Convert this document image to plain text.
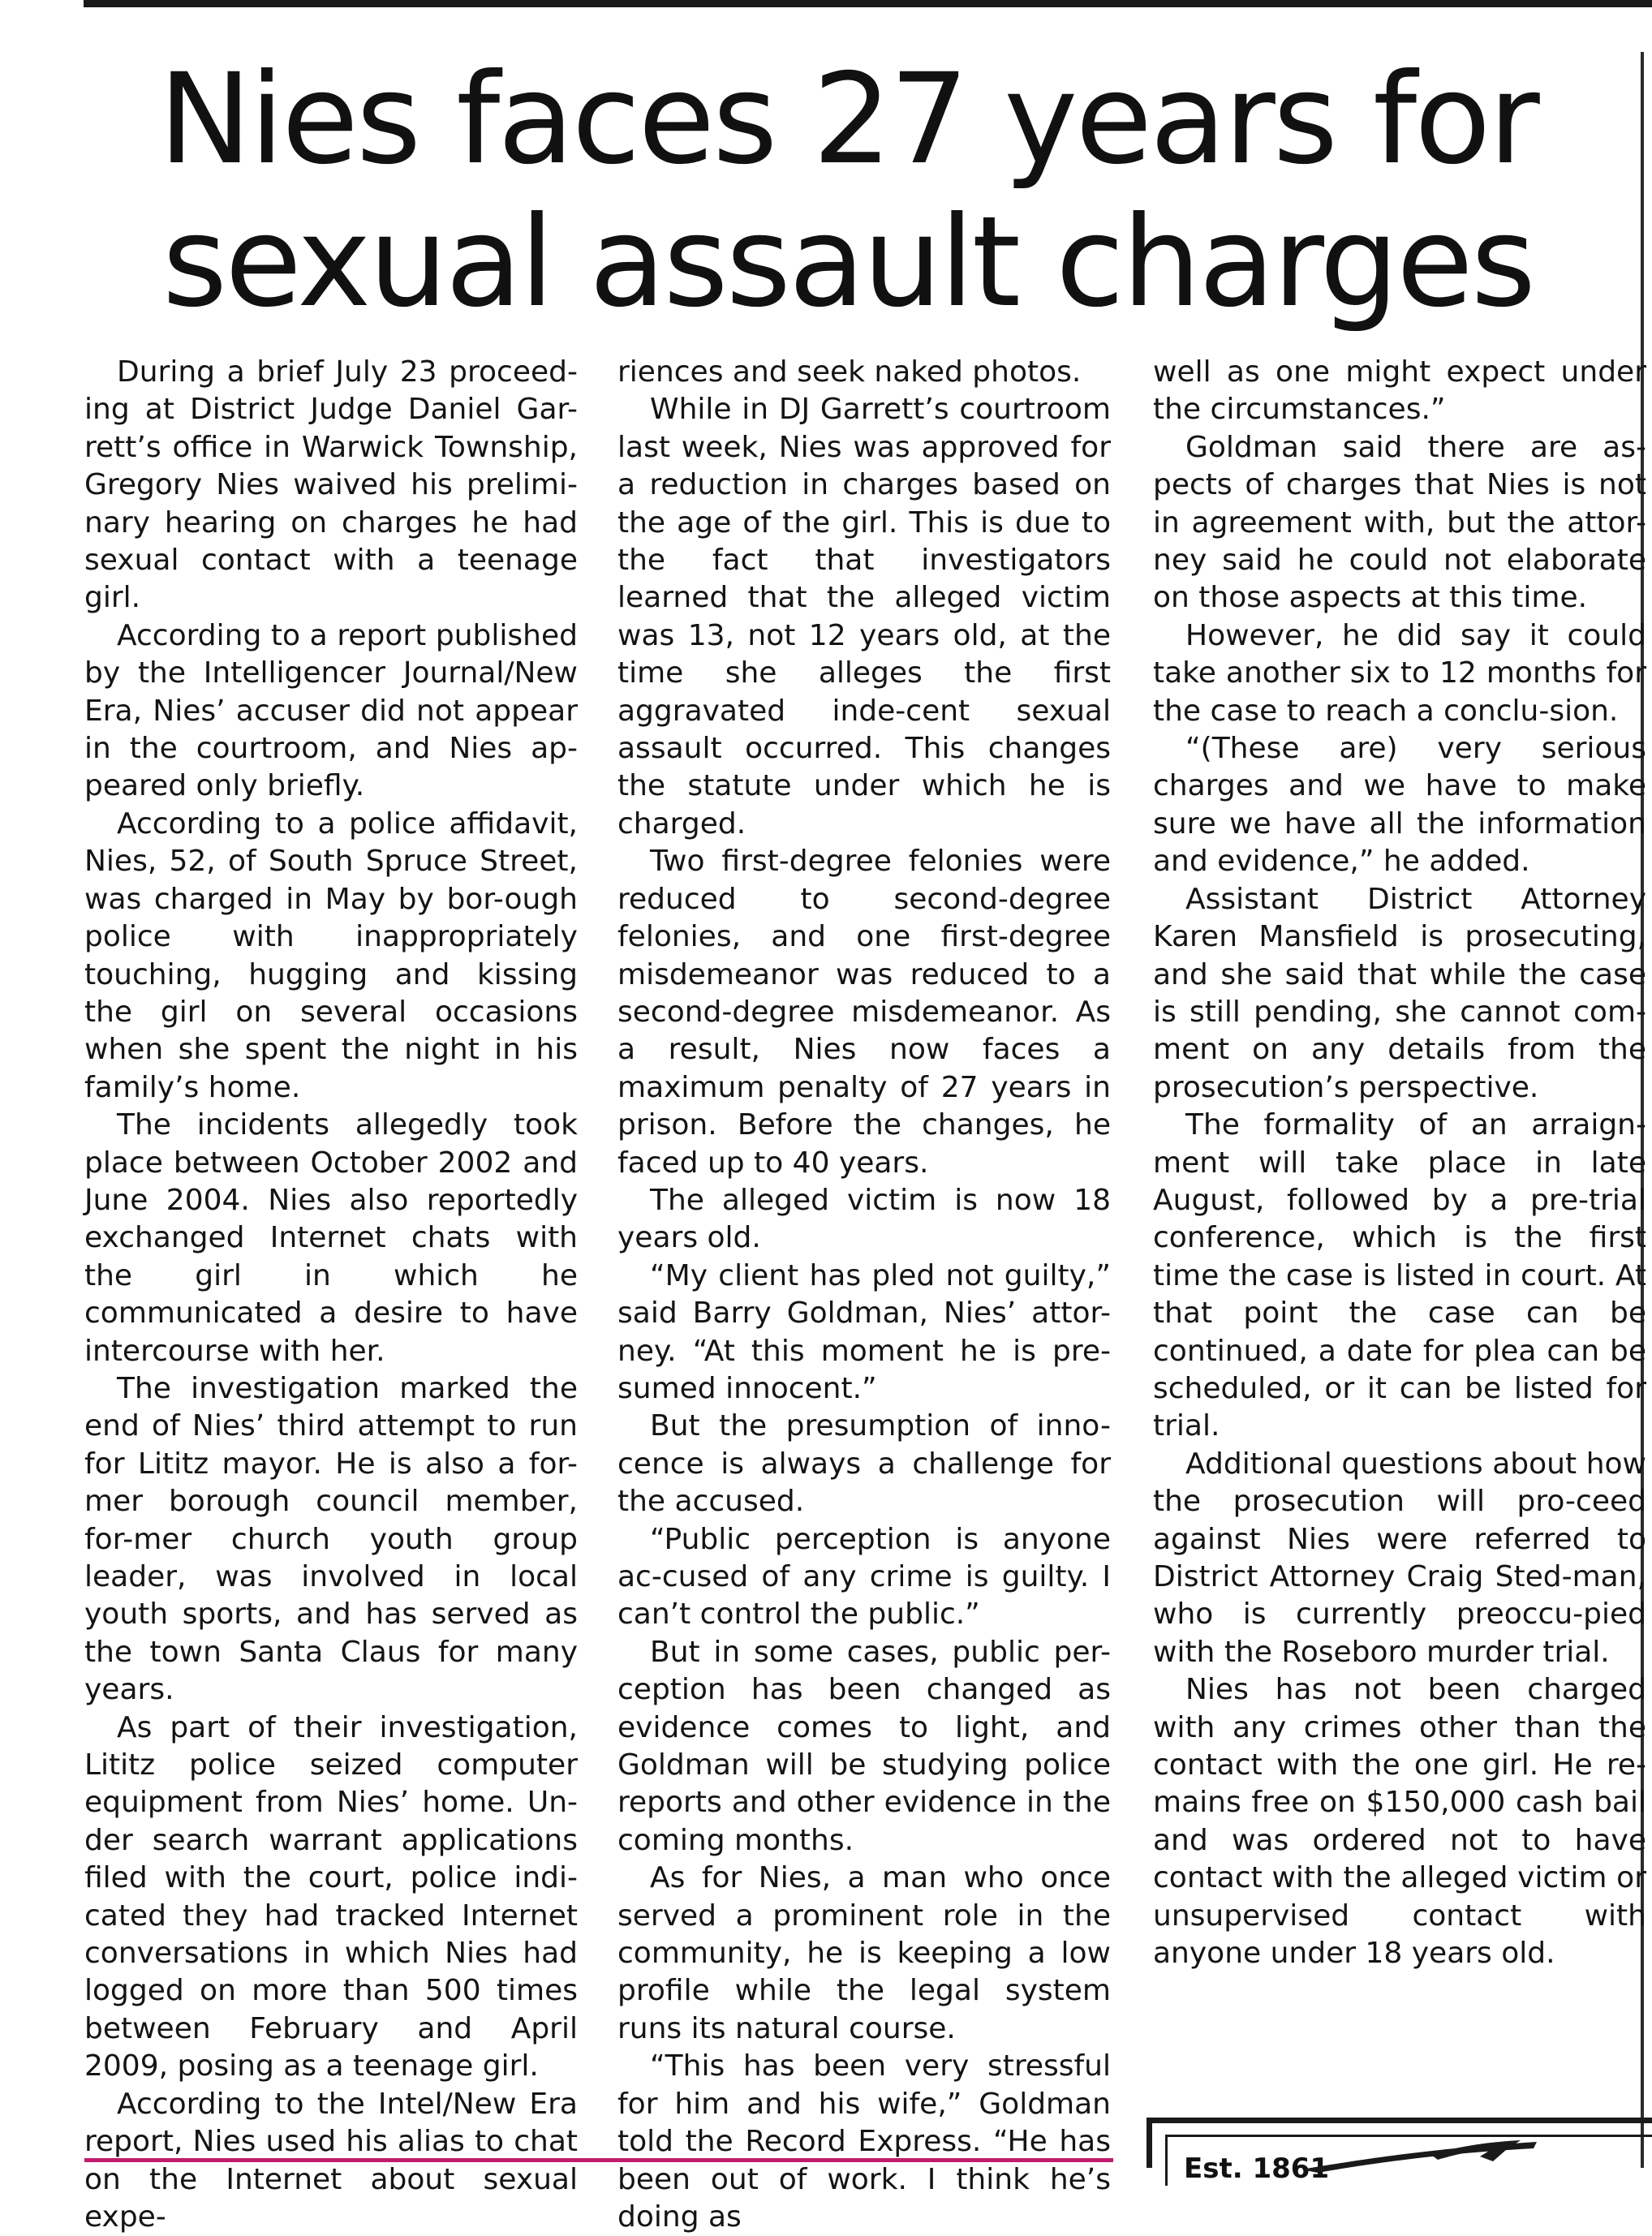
Nies faces 27 years for
sexual assault charges

During a brief July 23 proceed-ing at District Judge Daniel Gar-rett’s office in Warwick Township, Gregory Nies waived his prelimi-nary hearing on charges he had sexual contact with a teenage girl.

According to a report published by the Intelligencer Journal/New Era, Nies’ accuser did not appear in the courtroom, and Nies ap-peared only briefly.

According to a police affidavit, Nies, 52, of South Spruce Street, was charged in May by bor-ough police with inappropriately touching, hugging and kissing the girl on several occasions when she spent the night in his family’s home.

The incidents allegedly took place between October 2002 and June 2004. Nies also reportedly exchanged Internet chats with the girl in which he communicated a desire to have intercourse with her.

The investigation marked the end of Nies’ third attempt to run for Lititz mayor. He is also a for-mer borough council member, for-mer church youth group leader, was involved in local youth sports, and has served as the town Santa Claus for many years.

As part of their investigation, Lititz police seized computer equipment from Nies’ home. Un-der search warrant applications filed with the court, police indi-cated they had tracked Internet conversations in which Nies had logged on more than 500 times between February and April 2009, posing as a teenage girl.

According to the Intel/New Era report, Nies used his alias to chat on the Internet about sexual expe-

riences and seek naked photos.

While in DJ Garrett’s courtroom last week, Nies was approved for a reduction in charges based on the age of the girl. This is due to the fact that investigators learned that the alleged victim was 13, not 12 years old, at the time she alleges the first aggravated inde-cent sexual assault occurred. This changes the statute under which he is charged.

Two first-degree felonies were reduced to second-degree felonies, and one first-degree misdemeanor was reduced to a second-degree misdemeanor. As a result, Nies now faces a maximum penalty of 27 years in prison. Before the changes, he faced up to 40 years.

The alleged victim is now 18 years old.

“My client has pled not guilty,” said Barry Goldman, Nies’ attor-ney. “At this moment he is pre-sumed innocent.”

But the presumption of inno-cence is always a challenge for the accused.

“Public perception is anyone ac-cused of any crime is guilty. I can’t control the public.”

But in some cases, public per-ception has been changed as evidence comes to light, and Goldman will be studying police reports and other evidence in the coming months.

As for Nies, a man who once served a prominent role in the community, he is keeping a low profile while the legal system runs its natural course.

“This has been very stressful for him and his wife,” Goldman told the Record Express. “He has been out of work. I think he’s doing as

well as one might expect under the circumstances.”

Goldman said there are as-pects of charges that Nies is not in agreement with, but the attor-ney said he could not elaborate on those aspects at this time.

However, he did say it could take another six to 12 months for the case to reach a conclu-sion.

“(These are) very serious charges and we have to make sure we have all the information and evidence,” he added.

Assistant District Attorney Karen Mansfield is prosecuting, and she said that while the case is still pending, she cannot com-ment on any details from the prosecution’s perspective.

The formality of an arraign-ment will take place in late August, followed by a pre-trial conference, which is the first time the case is listed in court. At that point the case can be continued, a date for plea can be scheduled, or it can be listed for trial.

Additional questions about how the prosecution will pro-ceed against Nies were referred to District Attorney Craig Sted-man, who is currently preoccu-pied with the Roseboro murder trial.

Nies has not been charged with any crimes other than the contact with the one girl. He re-mains free on $150,000 cash bail and was ordered not to have contact with the alleged victim or unsupervised contact with anyone under 18 years old.

Est. 1861
